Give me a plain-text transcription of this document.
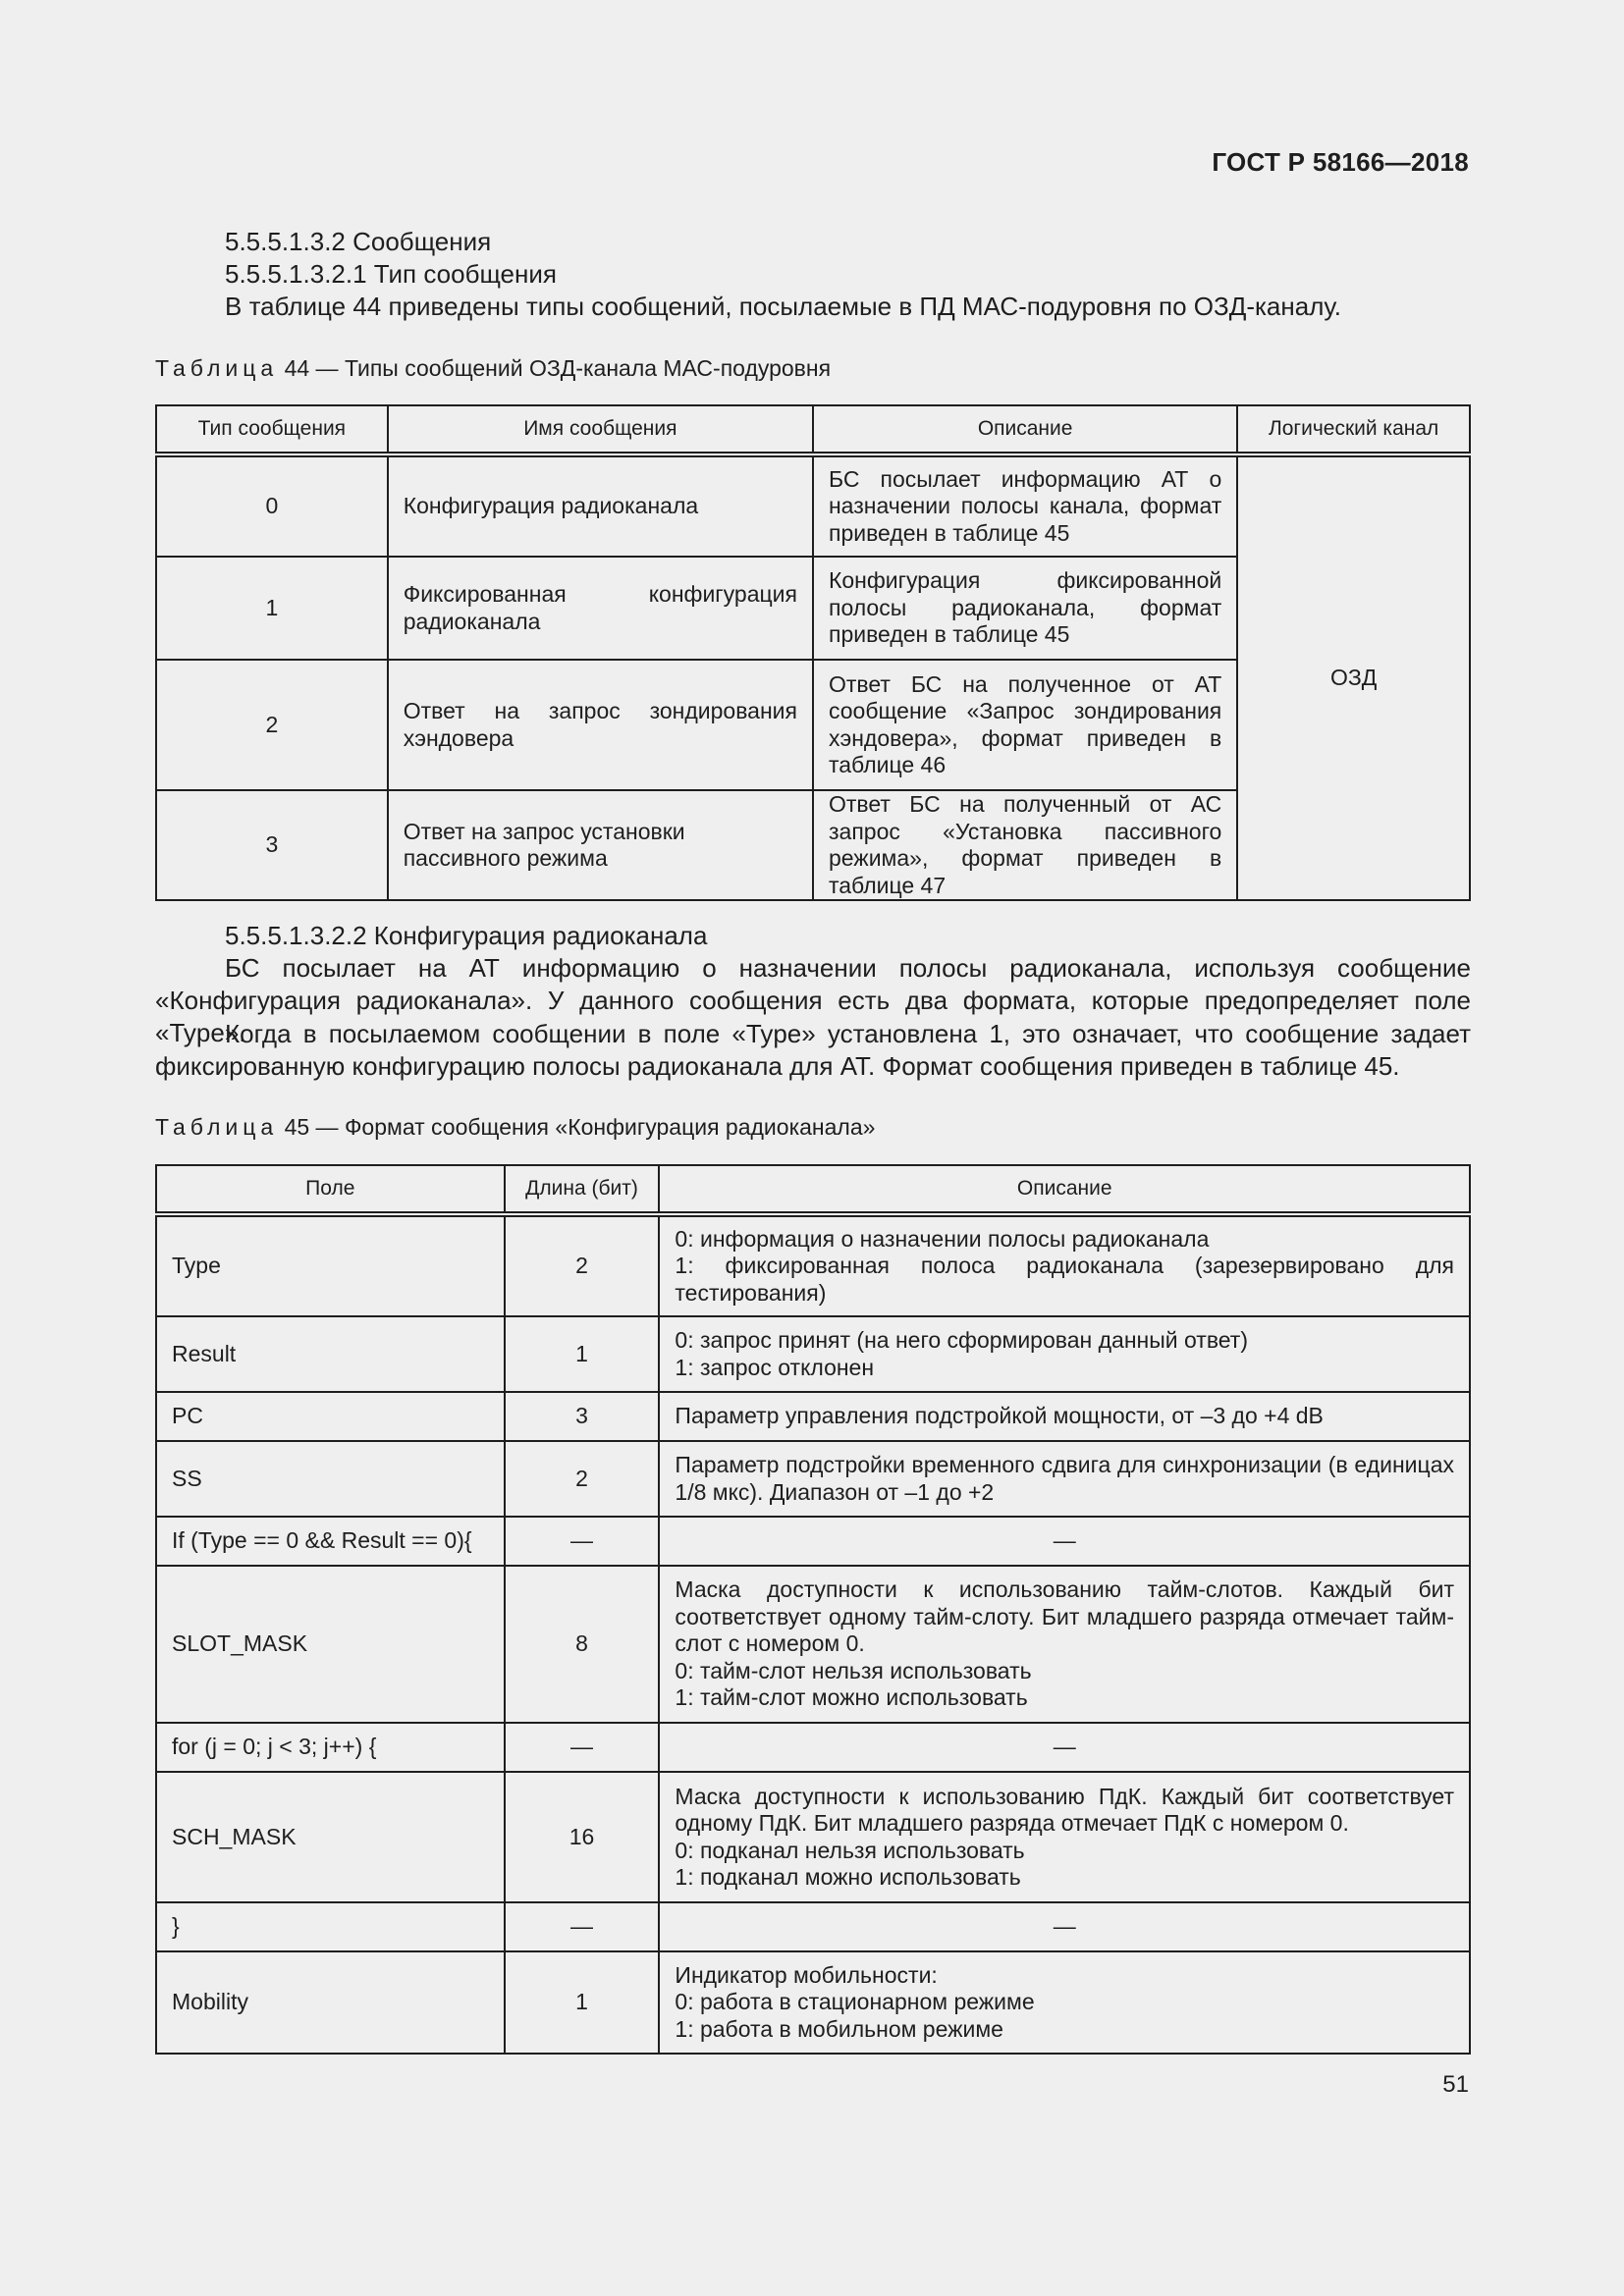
ГОСТ Р 58166—2018
5.5.5.1.3.2 Сообщения
5.5.5.1.3.2.1 Тип сообщения
В таблице 44 приведены типы сообщений, посылаемые в ПД МАС-подуровня по ОЗД-каналу.
Таблица 44 — Типы сообщений ОЗД-канала МАС-подуровня
Тип сообщения	Имя сообщения	Описание	Логический канал
0	Конфигурация радиоканала	БС посылает информацию АТ о назначении полосы канала, формат приведен в таблице 45	ОЗД
1	Фиксированная конфигурация радиоканала	Конфигурация фиксированной полосы радиоканала, формат приведен в таблице 45	
2	Ответ на запрос зондирования хэндовера	Ответ БС на полученное от АТ сообщение «Запрос зондирования хэндовера», формат приведен в таблице 46	
3	Ответ на запрос установки пассивного режима	Ответ БС на полученный от АС запрос «Установка пассивного режима», формат приведен в таблице 47	
5.5.5.1.3.2.2 Конфигурация радиоканала
БС посылает на АТ информацию о назначении полосы радиоканала, используя сообщение «Конфигурация радиоканала». У данного сообщения есть два формата, которые предопределяет поле «Type».
Когда в посылаемом сообщении в поле «Type» установлена 1, это означает, что сообщение задает фиксированную конфигурацию полосы радиоканала для АТ. Формат сообщения приведен в таблице 45.
Таблица 45 — Формат сообщения «Конфигурация радиоканала»
Поле	Длина (бит)	Описание
Type	2	0: информация о назначении полосы радиоканала
1: фиксированная полоса радиоканала (зарезервировано для тестирования)

Result	1	0: запрос принят (на него сформирован данный ответ)
1: запрос отклонен

PC	3	Параметр управления подстройкой мощности, от –3 до +4 dB

SS	2	Параметр подстройки временного сдвига для синхронизации (в единицах 1/8 мкс). Диапазон от –1 до +2

If (Type == 0 && Result == 0){	—	—

SLOT_MASK	8	Маска доступности к использованию тайм-слотов. Каждый бит соответствует одному тайм-слоту. Бит младшего разряда отмечает тайм-слот с номером 0.
0: тайм-слот нельзя использовать
1: тайм-слот можно использовать

for (j = 0; j < 3; j++) {	—	—

SCH_MASK	16	Маска доступности к использованию ПдК. Каждый бит соответствует одному ПдК. Бит младшего разряда отмечает ПдК с номером 0.
0: подканал нельзя использовать
1: подканал можно использовать

}	—	—

Mobility	1	Индикатор мобильности:
0: работа в стационарном режиме
1: работа в мобильном режиме
51
